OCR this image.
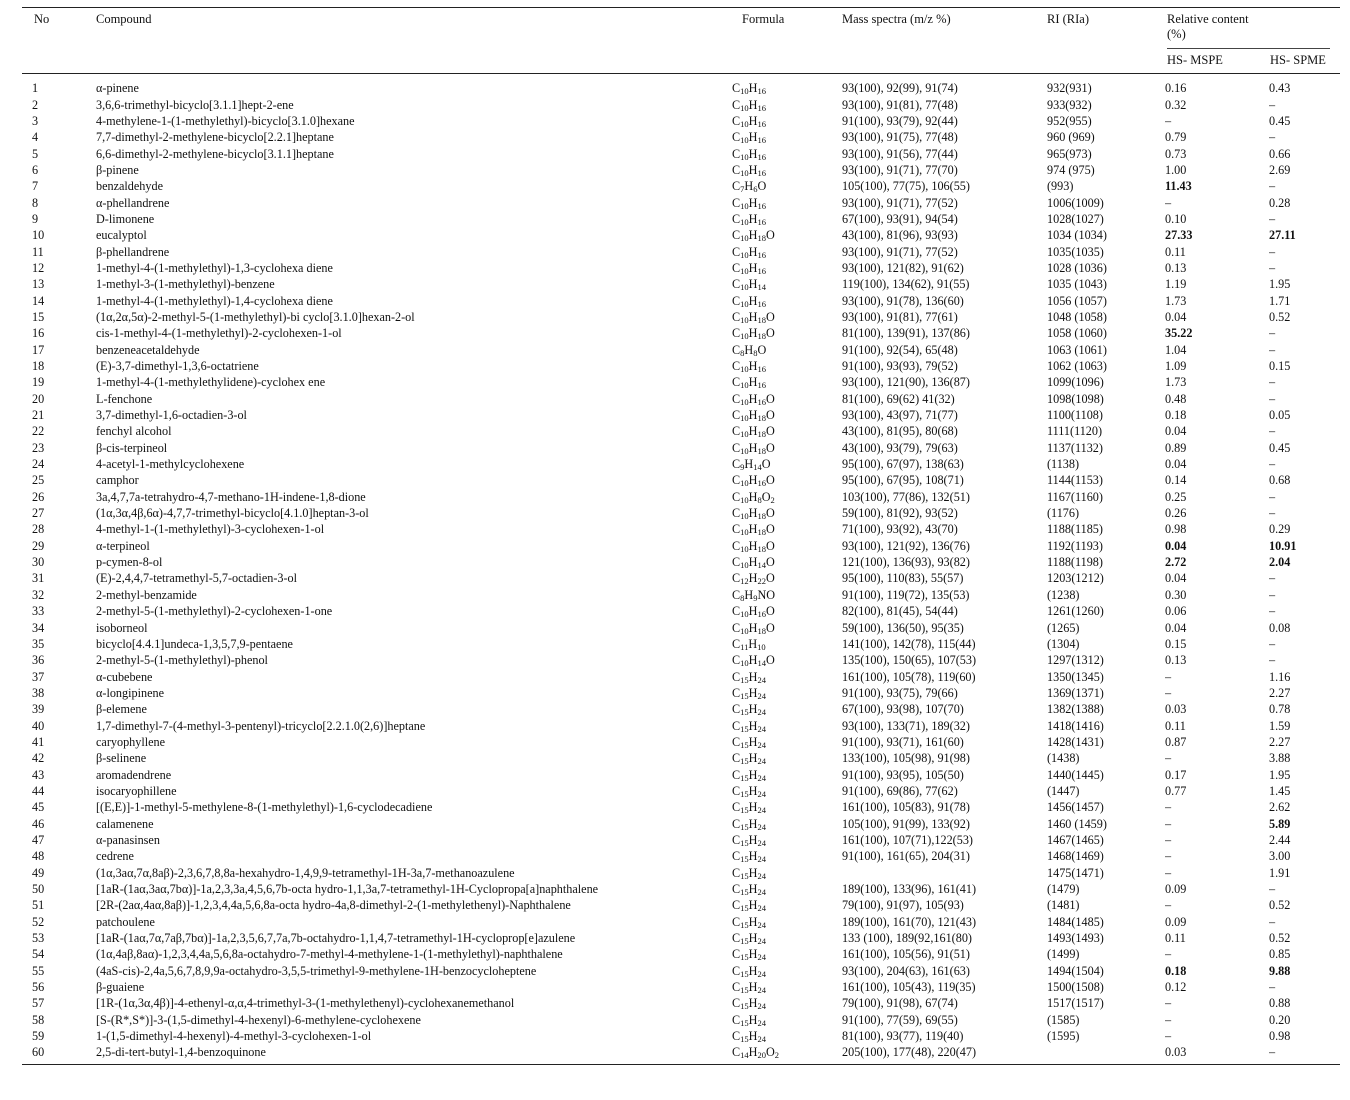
No	Compound	Formula	Mass spectra (m/z %)	RI (RIa)	Relative content (%)
HS- MSPE	HS- SPME
1	α-pinene	$C_{10}H_{16}$	93(100), 92(99), 91(74)	932(931)	0.16	0.43
2	3,6,6-trimethyl-bicyclo[3.1.1]hept-2-ene	$C_{10}H_{16}$	93(100), 91(81), 77(48)	933(932)	0.32	–
3	4-methylene-1-(1-methylethyl)-bicyclo[3.1.0]hexane	$C_{10}H_{16}$	91(100), 93(79), 92(44)	952(955)	–	0.45
4	7,7-dimethyl-2-methylene-bicyclo[2.2.1]heptane	$C_{10}H_{16}$	93(100), 91(75), 77(48)	960 (969)	0.79	–
5	6,6-dimethyl-2-methylene-bicyclo[3.1.1]heptane	$C_{10}H_{16}$	93(100), 91(56), 77(44)	965(973)	0.73	0.66
6	β-pinene	$C_{10}H_{16}$	93(100), 91(71), 77(70)	974 (975)	1.00	2.69
7	benzaldehyde	$C_7H_6O$	105(100), 77(75), 106(55)	(993)	11.43	–
8	α-phellandrene	$C_{10}H_{16}$	93(100), 91(71), 77(52)	1006(1009)	–	0.28
9	D-limonene	$C_{10}H_{16}$	67(100), 93(91), 94(54)	1028(1027)	0.10	–
10	eucalyptol	$C_{10}H_{18}O$	43(100), 81(96), 93(93)	1034 (1034)	27.33	27.11
11	β-phellandrene	$C_{10}H_{16}$	93(100), 91(71), 77(52)	1035(1035)	0.11	–
12	1-methyl-4-(1-methylethyl)-1,3-cyclohexa diene	$C_{10}H_{16}$	93(100), 121(82), 91(62)	1028 (1036)	0.13	–
13	1-methyl-3-(1-methylethyl)-benzene	$C_{10}H_{14}$	119(100), 134(62), 91(55)	1035 (1043)	1.19	1.95
14	1-methyl-4-(1-methylethyl)-1,4-cyclohexa diene	$C_{10}H_{16}$	93(100), 91(78), 136(60)	1056 (1057)	1.73	1.71
15	(1α,2α,5α)-2-methyl-5-(1-methylethyl)-bi cyclo[3.1.0]hexan-2-ol	$C_{10}H_{18}O$	93(100), 91(81), 77(61)	1048 (1058)	0.04	0.52
16	cis-1-methyl-4-(1-methylethyl)-2-cyclohexen-1-ol	$C_{10}H_{18}O$	81(100), 139(91), 137(86)	1058 (1060)	35.22	–
17	benzeneacetaldehyde	$C_8H_8O$	91(100), 92(54), 65(48)	1063 (1061)	1.04	–
18	(E)-3,7-dimethyl-1,3,6-octatriene	$C_{10}H_{16}$	91(100), 93(93), 79(52)	1062 (1063)	1.09	0.15
19	1-methyl-4-(1-methylethylidene)-cyclohex ene	$C_{10}H_{16}$	93(100), 121(90), 136(87)	1099(1096)	1.73	–
20	L-fenchone	$C_{10}H_{16}O$	81(100), 69(62) 41(32)	1098(1098)	0.48	–
21	3,7-dimethyl-1,6-octadien-3-ol	$C_{10}H_{18}O$	93(100), 43(97), 71(77)	1100(1108)	0.18	0.05
22	fenchyl alcohol	$C_{10}H_{18}O$	43(100), 81(95), 80(68)	1111(1120)	0.04	–
23	β-cis-terpineol	$C_{10}H_{18}O$	43(100), 93(79), 79(63)	1137(1132)	0.89	0.45
24	4-acetyl-1-methylcyclohexene	$C_9H_{14}O$	95(100), 67(97), 138(63)	(1138)	0.04	–
25	camphor	$C_{10}H_{16}O$	95(100), 67(95), 108(71)	1144(1153)	0.14	0.68
26	3a,4,7,7a-tetrahydro-4,7-methano-1H-indene-1,8-dione	$C_{10}H_8O_2$	103(100), 77(86), 132(51)	1167(1160)	0.25	–
27	(1α,3α,4β,6α)-4,7,7-trimethyl-bicyclo[4.1.0]heptan-3-ol	$C_{10}H_{18}O$	59(100), 81(92), 93(52)	(1176)	0.26	–
28	4-methyl-1-(1-methylethyl)-3-cyclohexen-1-ol	$C_{10}H_{18}O$	71(100), 93(92), 43(70)	1188(1185)	0.98	0.29
29	α-terpineol	$C_{10}H_{18}O$	93(100), 121(92), 136(76)	1192(1193)	0.04	10.91
30	p-cymen-8-ol	$C_{10}H_{14}O$	121(100), 136(93), 93(82)	1188(1198)	2.72	2.04
31	(E)-2,4,4,7-tetramethyl-5,7-octadien-3-ol	$C_{12}H_{22}O$	95(100), 110(83), 55(57)	1203(1212)	0.04	–
32	2-methyl-benzamide	$C_8H_9NO$	91(100), 119(72), 135(53)	(1238)	0.30	–
33	2-methyl-5-(1-methylethyl)-2-cyclohexen-1-one	$C_{10}H_{16}O$	82(100), 81(45), 54(44)	1261(1260)	0.06	–
34	isoborneol	$C_{10}H_{18}O$	59(100), 136(50), 95(35)	(1265)	0.04	0.08
35	bicyclo[4.4.1]undeca-1,3,5,7,9-pentaene	$C_{11}H_{10}$	141(100), 142(78), 115(44)	(1304)	0.15	–
36	2-methyl-5-(1-methylethyl)-phenol	$C_{10}H_{14}O$	135(100), 150(65), 107(53)	1297(1312)	0.13	–
37	α-cubebene	$C_{15}H_{24}$	161(100), 105(78), 119(60)	1350(1345)	–	1.16
38	α-longipinene	$C_{15}H_{24}$	91(100), 93(75), 79(66)	1369(1371)	–	2.27
39	β-elemene	$C_{15}H_{24}$	67(100), 93(98), 107(70)	1382(1388)	0.03	0.78
40	1,7-dimethyl-7-(4-methyl-3-pentenyl)-tricyclo[2.2.1.0(2,6)]heptane	$C_{15}H_{24}$	93(100), 133(71), 189(32)	1418(1416)	0.11	1.59
41	caryophyllene	$C_{15}H_{24}$	91(100), 93(71), 161(60)	1428(1431)	0.87	2.27
42	β-selinene	$C_{15}H_{24}$	133(100), 105(98), 91(98)	(1438)	–	3.88
43	aromadendrene	$C_{15}H_{24}$	91(100), 93(95), 105(50)	1440(1445)	0.17	1.95
44	isocaryophillene	$C_{15}H_{24}$	91(100), 69(86), 77(62)	(1447)	0.77	1.45
45	[(E,E)]-1-methyl-5-methylene-8-(1-methylethyl)-1,6-cyclodecadiene	$C_{15}H_{24}$	161(100), 105(83), 91(78)	1456(1457)	–	2.62
46	calamenene	$C_{15}H_{24}$	105(100), 91(99), 133(92)	1460 (1459)	–	5.89
47	α-panasinsen	$C_{15}H_{24}$	161(100), 107(71),122(53)	1467(1465)	–	2.44
48	cedrene	$C_{15}H_{24}$	91(100), 161(65), 204(31)	1468(1469)	–	3.00
49	(1α,3aα,7α,8aβ)-2,3,6,7,8,8a-hexahydro-1,4,9,9-tetramethyl-1H-3a,7-methanoazulene	$C_{15}H_{24}$		1475(1471)	–	1.91
50	[1aR-(1aα,3aα,7bα)]-1a,2,3,3a,4,5,6,7b-octa hydro-1,1,3a,7-tetramethyl-1H-Cyclopropa[a]naphthalene	$C_{15}H_{24}$	189(100), 133(96), 161(41)	(1479)	0.09	–
51	[2R-(2aα,4aα,8aβ)]-1,2,3,4,4a,5,6,8a-octa hydro-4a,8-dimethyl-2-(1-methylethenyl)-Naphthalene	$C_{15}H_{24}$	79(100), 91(97), 105(93)	(1481)	–	0.52
52	patchoulene	$C_{15}H_{24}$	189(100), 161(70), 121(43)	1484(1485)	0.09	–
53	[1aR-(1aα,7α,7aβ,7bα)]-1a,2,3,5,6,7,7a,7b-octahydro-1,1,4,7-tetramethyl-1H-cycloprop[e]azulene	$C_{15}H_{24}$	133 (100), 189(92,161(80)	1493(1493)	0.11	0.52
54	(1α,4aβ,8aα)-1,2,3,4,4a,5,6,8a-octahydro-7-methyl-4-methylene-1-(1-methylethyl)-naphthalene	$C_{15}H_{24}$	161(100), 105(56), 91(51)	(1499)	–	0.85
55	(4aS-cis)-2,4a,5,6,7,8,9,9a-octahydro-3,5,5-trimethyl-9-methylene-1H-benzocycloheptene	$C_{15}H_{24}$	93(100), 204(63), 161(63)	1494(1504)	0.18	9.88
56	β-guaiene	$C_{15}H_{24}$	161(100), 105(43), 119(35)	1500(1508)	0.12	–
57	[1R-(1α,3α,4β)]-4-ethenyl-α,α,4-trimethyl-3-(1-methylethenyl)-cyclohexanemethanol	$C_{15}H_{24}$	79(100), 91(98), 67(74)	1517(1517)	–	0.88
58	[S-(R*,S*)]-3-(1,5-dimethyl-4-hexenyl)-6-methylene-cyclohexene	$C_{15}H_{24}$	91(100), 77(59), 69(55)	(1585)	–	0.20
59	1-(1,5-dimethyl-4-hexenyl)-4-methyl-3-cyclohexen-1-ol	$C_{15}H_{24}$	81(100), 93(77), 119(40)	(1595)	–	0.98
60	2,5-di-tert-butyl-1,4-benzoquinone	$C_{14}H_{20}O_2$	205(100), 177(48), 220(47)		0.03	–
